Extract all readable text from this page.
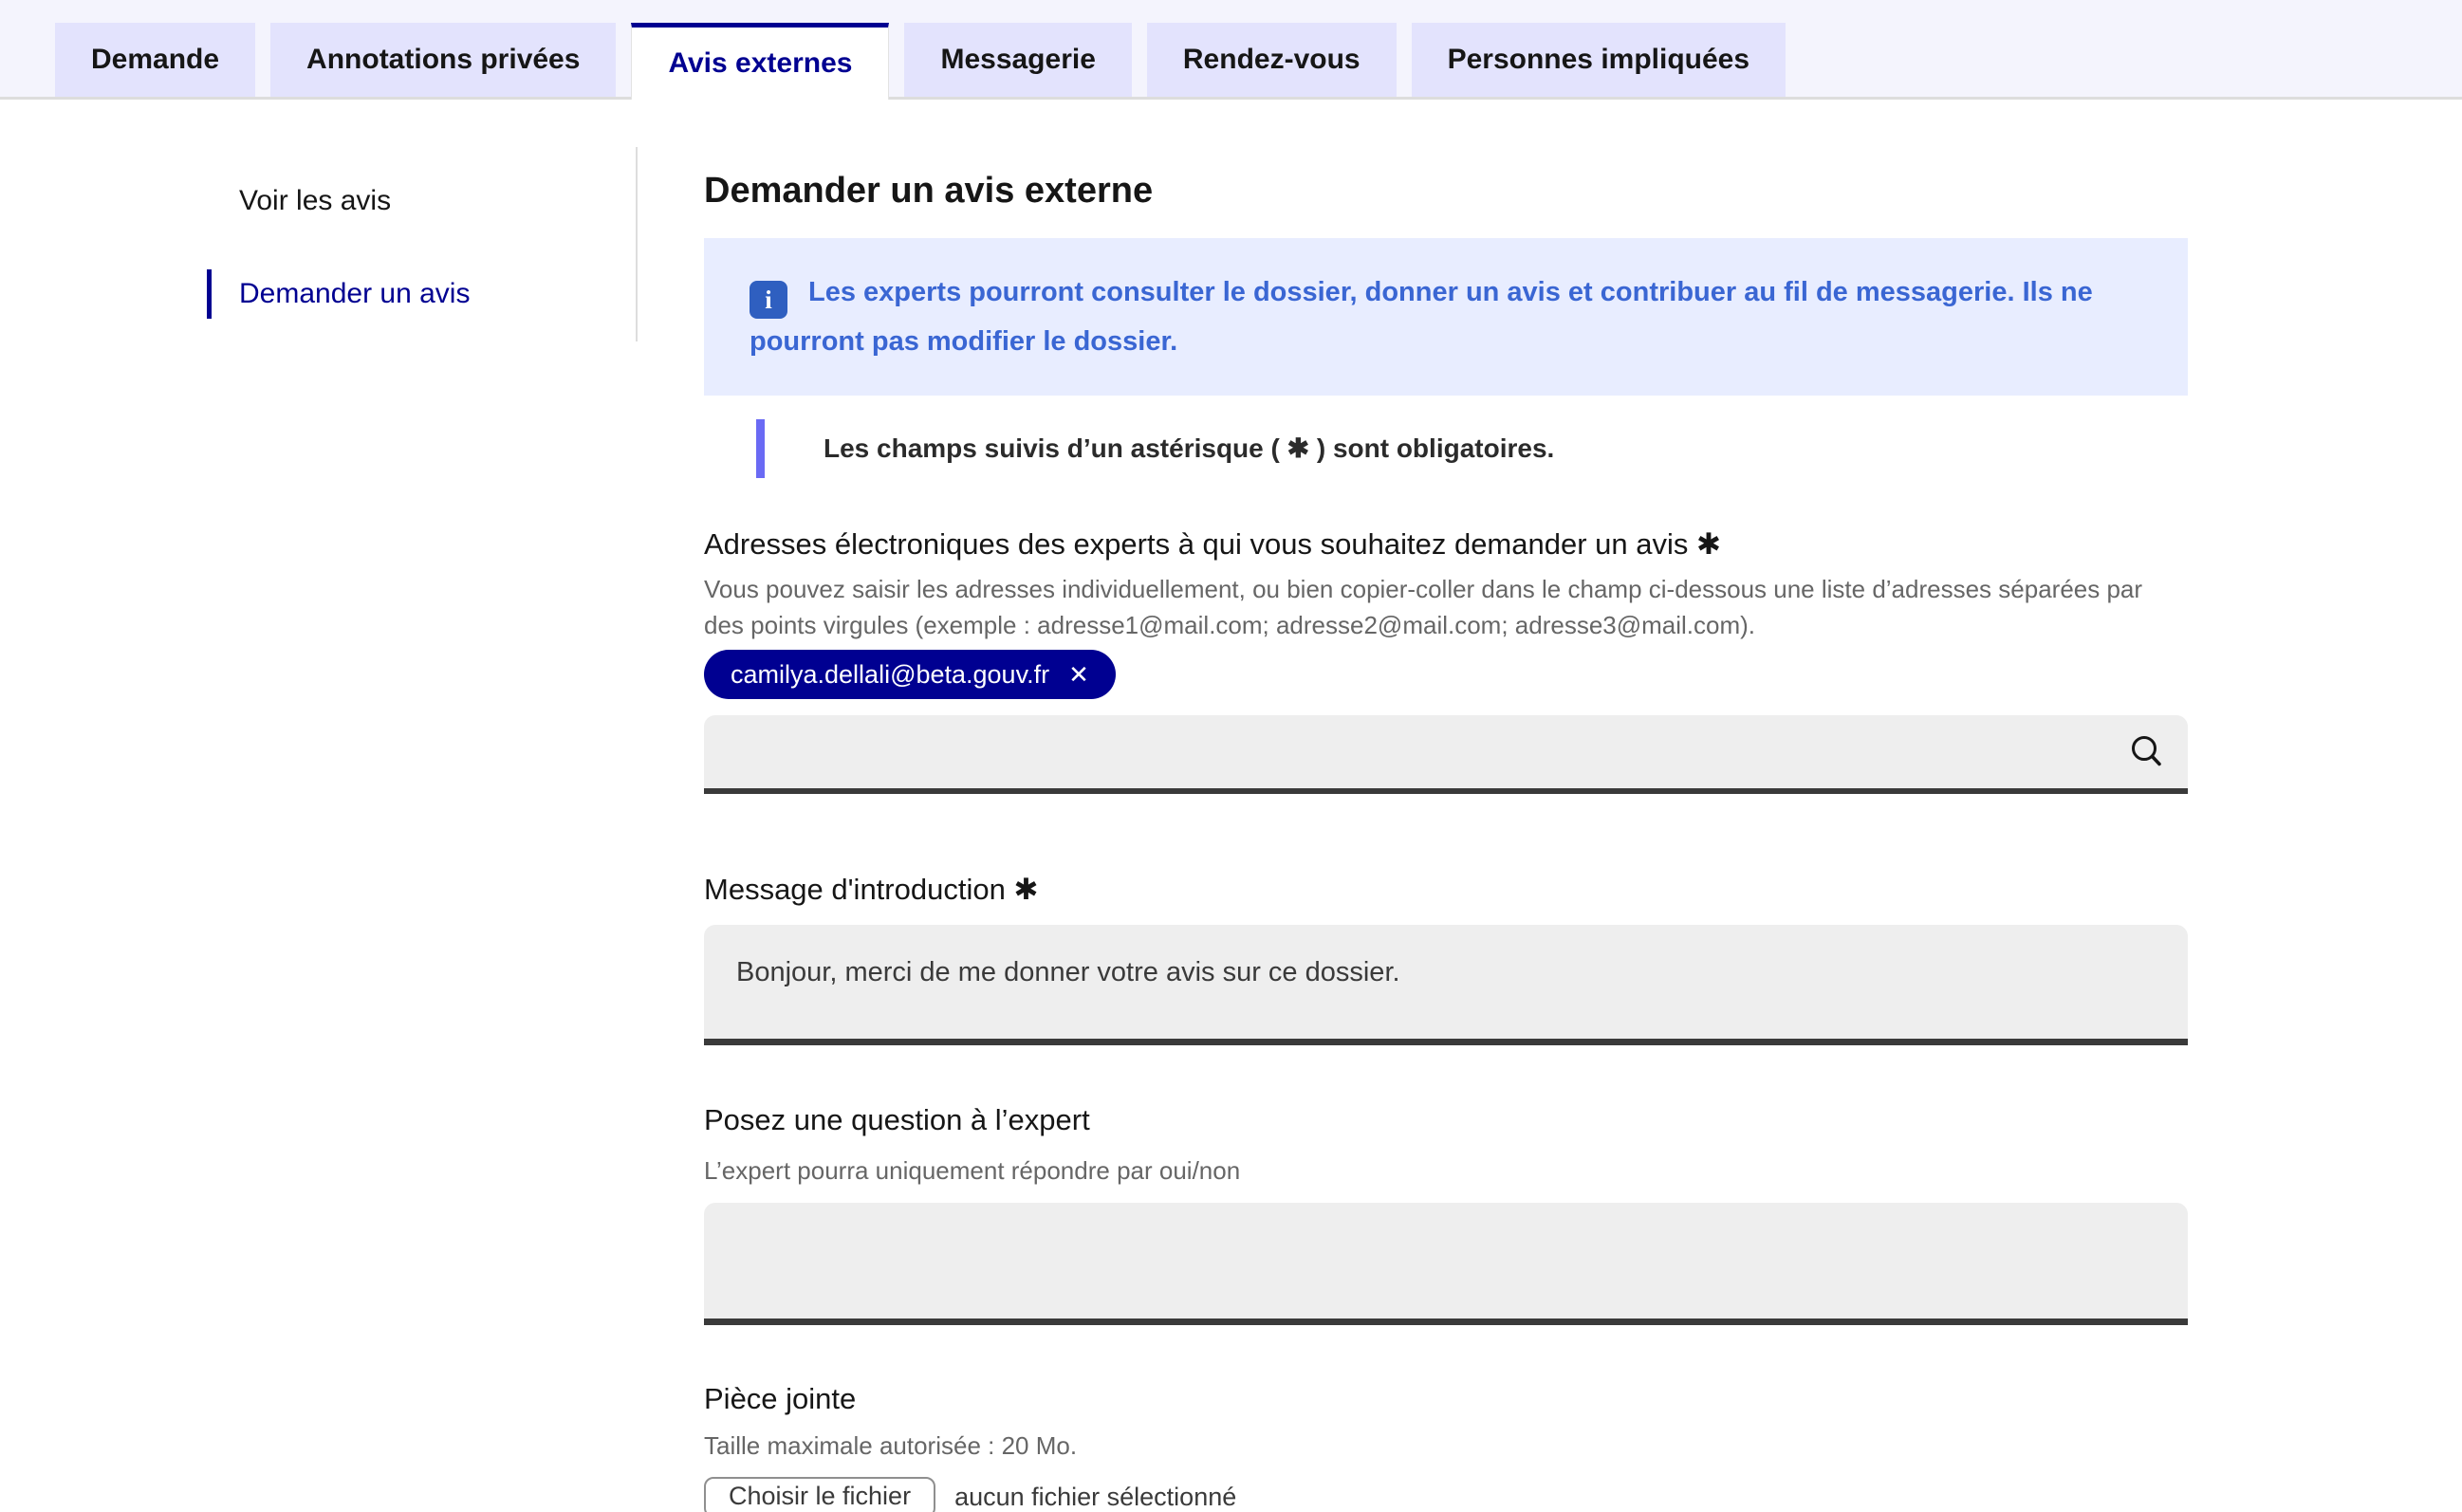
Demande	Annotations privées	Avis externes	Messagerie	Rendez-vous	Personnes impliquées
Voir les avis
Demander un avis
Demander un avis externe

i Les experts pourront consulter le dossier, donner un avis et contribuer au fil de messagerie. Ils ne pourront pas modifier le dossier.

Les champs suivis d’un astérisque ( ✱ ) sont obligatoires.
Adresses électroniques des experts à qui vous souhaitez demander un avis ✱
Vous pouvez saisir les adresses individuellement, ou bien copier-coller dans le champ ci-dessous une liste d’adresses séparées par des points virgules (exemple : adresse1@mail.com; adresse2@mail.com; adresse3@mail.com).
camilya.dellali@beta.gouv.fr ✕
Message d'introduction ✱
Bonjour, merci de me donner votre avis sur ce dossier.
Posez une question à l’expert
L’expert pourra uniquement répondre par oui/non
Pièce jointe
Taille maximale autorisée : 20 Mo.
Choisir le fichier	aucun fichier sélectionné
